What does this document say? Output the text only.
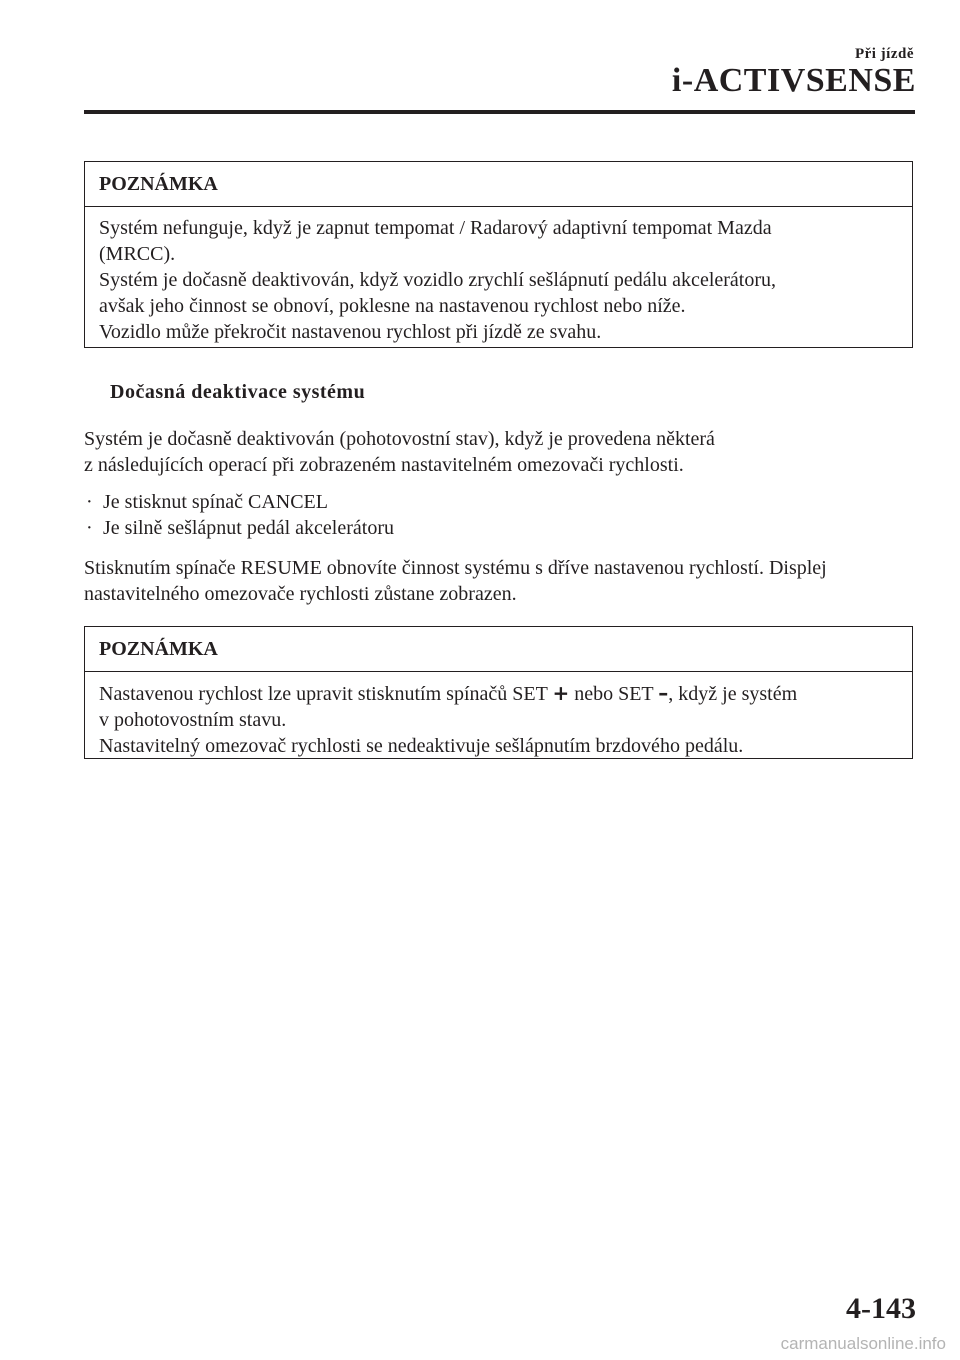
Při jízdě
i-ACTIVSENSE
POZNÁMKA

Systém nefunguje, když je zapnut tempomat / Radarový adaptivní tempomat Mazda

(MRCC).

Systém je dočasně deaktivován, když vozidlo zrychlí sešlápnutí pedálu akcelerátoru,

avšak jeho činnost se obnoví, poklesne na nastavenou rychlost nebo níže.

Vozidlo může překročit nastavenou rychlost při jízdě ze svahu.

Dočasná deaktivace systému

Systém je dočasně deaktivován (pohotovostní stav), když je provedena některá

z následujících operací při zobrazeném nastavitelném omezovači rychlosti.

· Je stisknut spínač CANCEL
· Je silně sešlápnut pedál akcelerátoru

Stisknutím spínače RESUME obnovíte činnost systému s dříve nastavenou rychlostí. Displej

nastavitelného omezovače rychlosti zůstane zobrazen.

POZNÁMKA

Nastavenou rychlost lze upravit stisknutím spínačů SET + nebo SET –, když je systém

v pohotovostním stavu.

Nastavitelný omezovač rychlosti se nedeaktivuje sešlápnutím brzdového pedálu.

4-143
carmanualsonline.info
